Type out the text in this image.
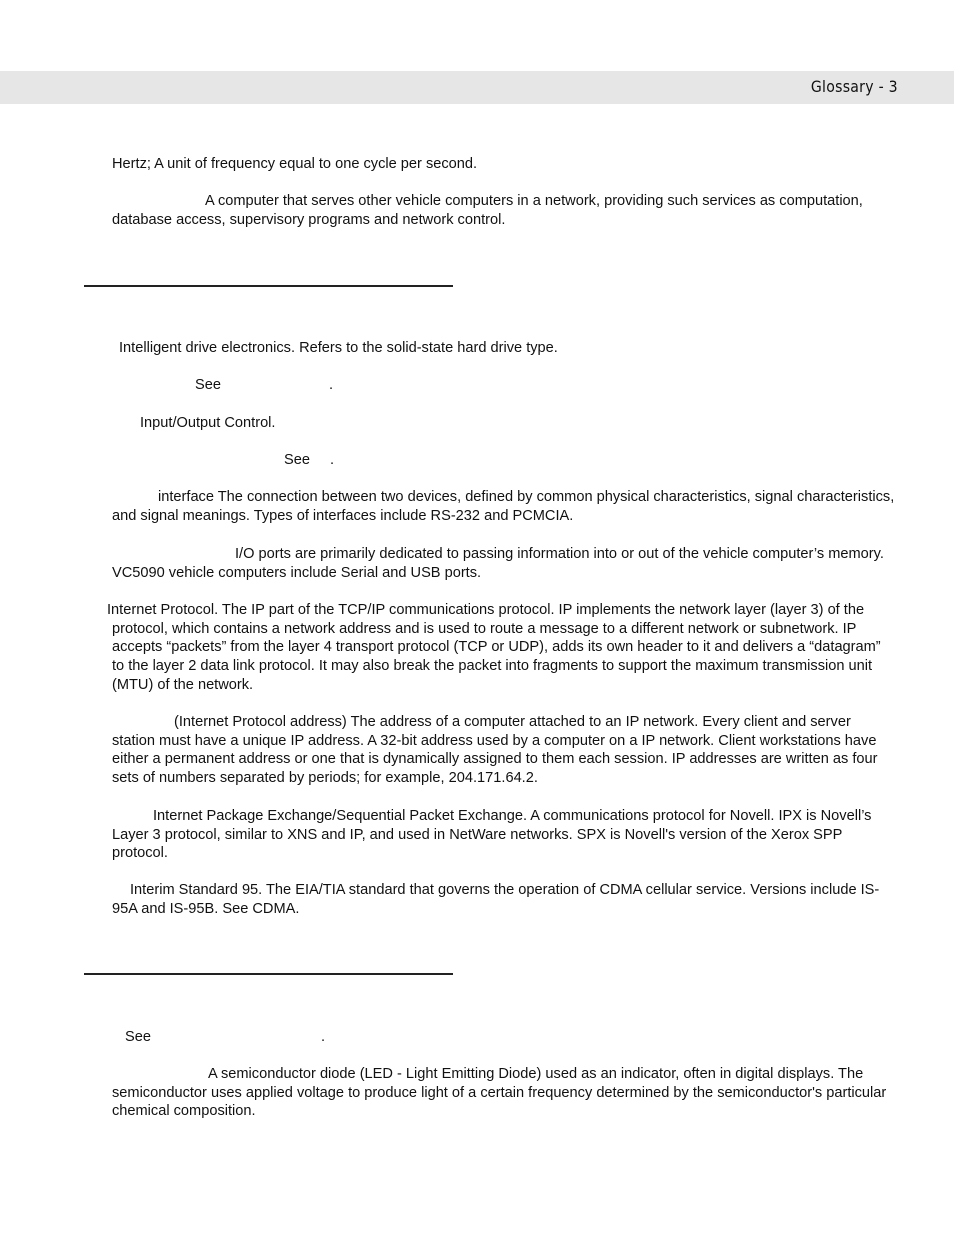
Glossary - 3

Hertz; A unit of frequency equal to one cycle per second.

A computer that serves other vehicle computers in a network, providing such services as computation, database access, supervisory programs and network control.

Intelligent drive electronics. Refers to the solid-state hard drive type.

See	.

Input/Output Control.

See .

interface The connection between two devices, defined by common physical characteristics, signal characteristics, and signal meanings. Types of interfaces include RS-232 and PCMCIA.

I/O ports are primarily dedicated to passing information into or out of the vehicle computer’s memory. VC5090 vehicle computers include Serial and USB ports.

Internet Protocol. The IP part of the TCP/IP communications protocol. IP implements the network layer (layer 3) of the protocol, which contains a network address and is used to route a message to a different network or subnetwork. IP accepts “packets” from the layer 4 transport protocol (TCP or UDP), adds its own header to it and delivers a “datagram” to the layer 2 data link protocol. It may also break the packet into fragments to support the maximum transmission unit (MTU) of the network.

(Internet Protocol address) The address of a computer attached to an IP network. Every client and server station must have a unique IP address. A 32-bit address used by a computer on a IP network. Client workstations have either a permanent address or one that is dynamically assigned to them each session. IP addresses are written as four sets of numbers separated by periods; for example, 204.171.64.2.

Internet Package Exchange/Sequential Packet Exchange. A communications protocol for Novell. IPX is Novell’s Layer 3 protocol, similar to XNS and IP, and used in NetWare networks. SPX is Novell's version of the Xerox SPP protocol.

Interim Standard 95. The EIA/TIA standard that governs the operation of CDMA cellular service. Versions include IS-95A and IS-95B. See CDMA.

See	.

A semiconductor diode (LED - Light Emitting Diode) used as an indicator, often in digital displays. The semiconductor uses applied voltage to produce light of a certain frequency determined by the semiconductor's particular chemical composition.
